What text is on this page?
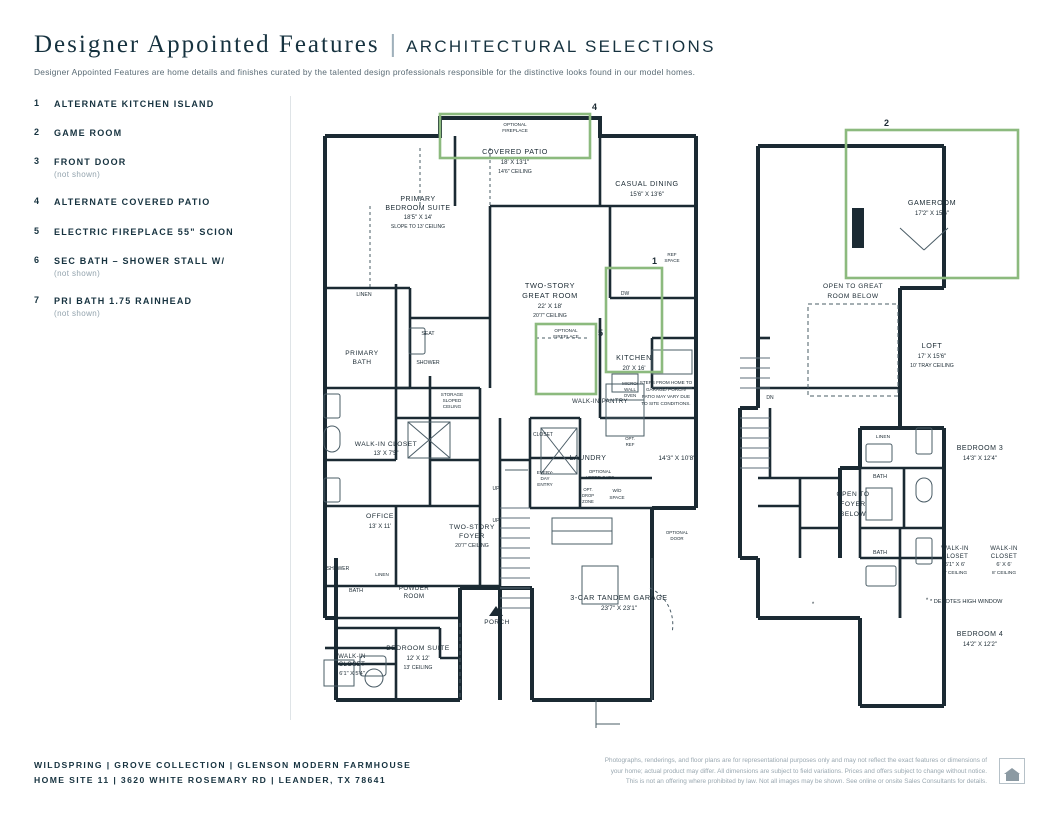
Designer Appointed Features | ARCHITECTURAL SELECTIONS
Designer Appointed Features are home details and finishes curated by the talented design professionals responsible for the distinctive looks found in our model homes.
1	ALTERNATE KITCHEN ISLAND
2	GAME ROOM
3	FRONT DOOR
(not shown)
4	ALTERNATE COVERED PATIO
5	ELECTRIC FIREPLACE 55" SCION
6	SEC BATH – SHOWER STALL W/
(not shown)
7	PRI BATH 1.75 RAINHEAD
(not shown)
4
1
5
2
COVERED PATIO
18' X 13'1"
14'6" CEILING
CASUAL DINING
15'6" X 13'6"
PRIMARY
BEDROOM SUITE
18'5" X 14'
SLOPE TO 13' CEILING
TWO-STORY
GREAT ROOM
22' X 18'
20'7" CEILING
KITCHEN
20' X 16'
PRIMARY
BATH
WALK-IN CLOSET
13' X 7'5"
WALK-IN PANTRY
LAUNDRY	14'3" X 10'8"
OFFICE
13' X 11'	TWO-STORY
FOYER
20'7" CEILING
POWDER
ROOM
BEDROOM SUITE
12' X 12'
13' CEILING
WALK-IN
CLOSET
6'1" X 5'4"
PORCH
3-CAR TANDEM GARAGE
23'7" X 23'1"
GAMEROOM
17'2" X 15'6"
OPEN TO GREAT
ROOM BELOW
LOFT
17' X 15'6"
10' TRAY CEILING
OPEN TO
FOYER
BELOW
BEDROOM 3
14'3" X 12'4"
WALK-IN
CLOSET
6'1" X 6'
8' CEILING
WALK-IN
CLOSET
6' X 6'
8' CEILING
BEDROOM 4
14'2" X 12'2"
OPTIONAL
FIREPLACE
OPTIONAL
FIREPLACE
LINEN
SEAT
SHOWER
STORAGE
SLOPED
CEILING
CLOSET
OPT.
REF
REF
SPACE
DW
MICRO/
WALL
OVEN
STEPS FROM HOME TO
GARAGE/ PORCH/
PATIO MAY VARY DUE
TO SITE CONDITIONS.
EVERY-
DAY
ENTRY
OPTIONAL
UPPER CABS
OPT.
DROP
ZONE
W/D
SPACE
OPTIONAL
DOOR
UP
UP
DN
SHOWER
LINEN
BATH
LINEN
BATH
BATH
* DENOTES HIGH WINDOW
*
*
WILDSPRING | GROVE COLLECTION | GLENSON MODERN FARMHOUSE
HOME SITE 11 | 3620 WHITE ROSEMARY RD | LEANDER, TX 78641
Photographs, renderings, and floor plans are for representational purposes only and may not reflect the exact features or dimensions of
your home; actual product may differ. All dimensions are subject to field variations. Prices and offers subject to change without notice.
This is not an offering where prohibited by law. Not all images may be shown. See online or onsite Sales Consultants for details.
